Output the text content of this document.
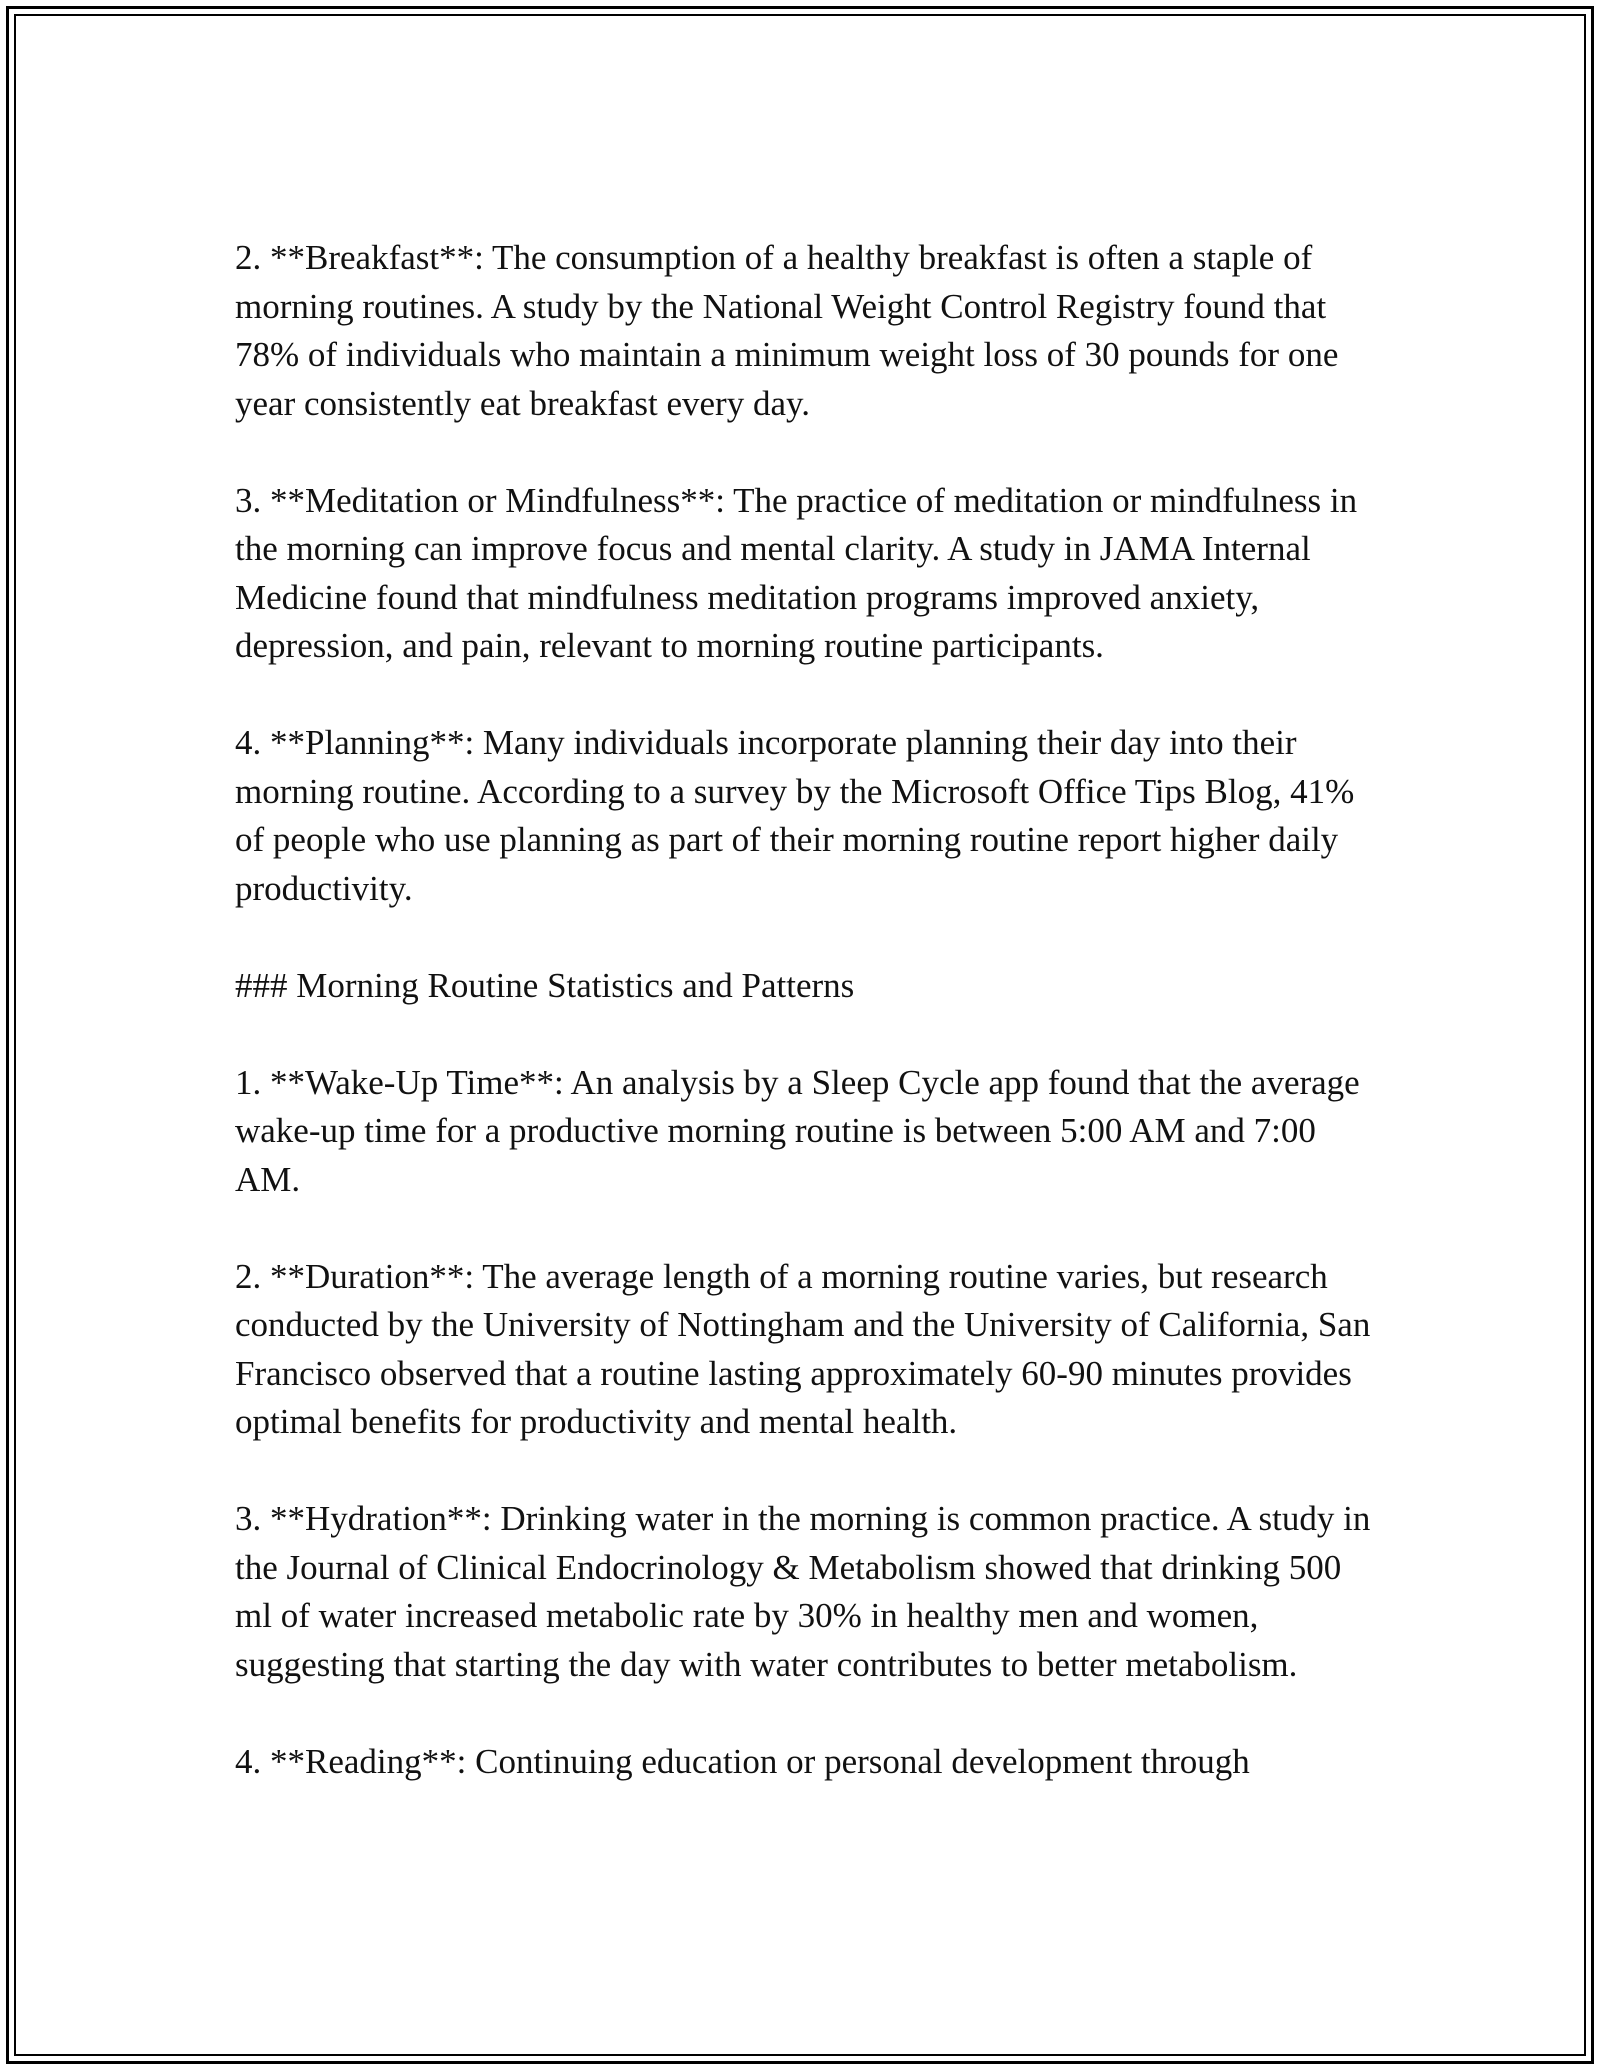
2. **Breakfast**: The consumption of a healthy breakfast is often a staple of morning routines. A study by the National Weight Control Registry found that 78% of individuals who maintain a minimum weight loss of 30 pounds for one year consistently eat breakfast every day.

3. **Meditation or Mindfulness**: The practice of meditation or mindfulness in the morning can improve focus and mental clarity. A study in JAMA Internal Medicine found that mindfulness meditation programs improved anxiety, depression, and pain, relevant to morning routine participants.

4. **Planning**: Many individuals incorporate planning their day into their morning routine. According to a survey by the Microsoft Office Tips Blog, 41% of people who use planning as part of their morning routine report higher daily productivity.

### Morning Routine Statistics and Patterns

1. **Wake-Up Time**: An analysis by a Sleep Cycle app found that the average wake-up time for a productive morning routine is between 5:00 AM and 7:00 AM.

2. **Duration**: The average length of a morning routine varies, but research conducted by the University of Nottingham and the University of California, San Francisco observed that a routine lasting approximately 60-90 minutes provides optimal benefits for productivity and mental health.

3. **Hydration**: Drinking water in the morning is common practice. A study in the Journal of Clinical Endocrinology & Metabolism showed that drinking 500 ml of water increased metabolic rate by 30% in healthy men and women, suggesting that starting the day with water contributes to better metabolism.

4. **Reading**: Continuing education or personal development through
